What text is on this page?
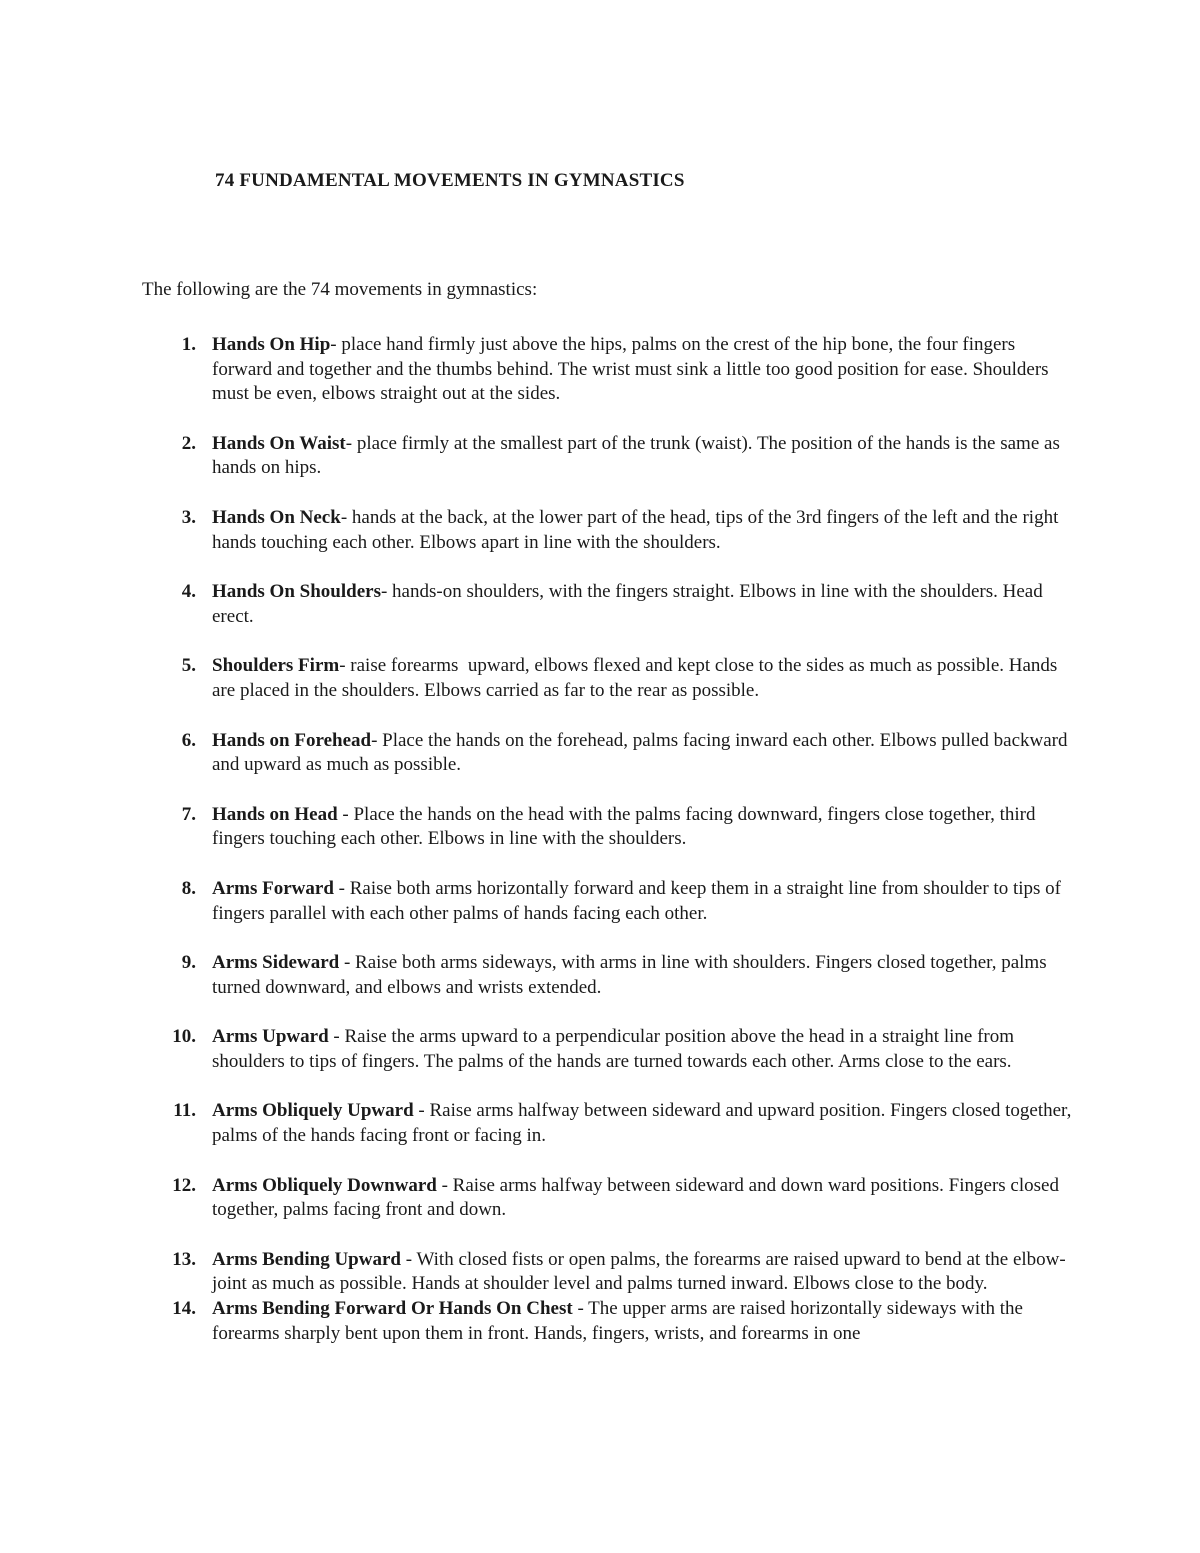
74 FUNDAMENTAL MOVEMENTS IN GYMNASTICS

The following are the 74 movements in gymnastics:

1. Hands On Hip- place hand firmly just above the hips, palms on the crest of the hip bone, the four fingers forward and together and the thumbs behind. The wrist must sink a little too good position for ease. Shoulders must be even, elbows straight out at the sides.
2. Hands On Waist- place firmly at the smallest part of the trunk (waist). The position of the hands is the same as hands on hips.
3. Hands On Neck- hands at the back, at the lower part of the head, tips of the 3rd fingers of the left and the right hands touching each other. Elbows apart in line with the shoulders.
4. Hands On Shoulders- hands-on shoulders, with the fingers straight. Elbows in line with the shoulders. Head erect.
5. Shoulders Firm- raise forearms  upward, elbows flexed and kept close to the sides as much as possible. Hands are placed in the shoulders. Elbows carried as far to the rear as possible.
6. Hands on Forehead- Place the hands on the forehead, palms facing inward each other. Elbows pulled backward and upward as much as possible.
7. Hands on Head - Place the hands on the head with the palms facing downward, fingers close together, third fingers touching each other. Elbows in line with the shoulders.
8. Arms Forward - Raise both arms horizontally forward and keep them in a straight line from shoulder to tips of fingers parallel with each other palms of hands facing each other.
9. Arms Sideward - Raise both arms sideways, with arms in line with shoulders. Fingers closed together, palms turned downward, and elbows and wrists extended.
10. Arms Upward - Raise the arms upward to a perpendicular position above the head in a straight line from shoulders to tips of fingers. The palms of the hands are turned towards each other. Arms close to the ears.
11. Arms Obliquely Upward - Raise arms halfway between sideward and upward position. Fingers closed together, palms of the hands facing front or facing in.
12. Arms Obliquely Downward - Raise arms halfway between sideward and down ward positions. Fingers closed together, palms facing front and down.
13. Arms Bending Upward - With closed fists or open palms, the forearms are raised upward to bend at the elbow-joint as much as possible. Hands at shoulder level and palms turned inward. Elbows close to the body.
14. Arms Bending Forward Or Hands On Chest - The upper arms are raised horizontally sideways with the forearms sharply bent upon them in front. Hands, fingers, wrists, and forearms in one
